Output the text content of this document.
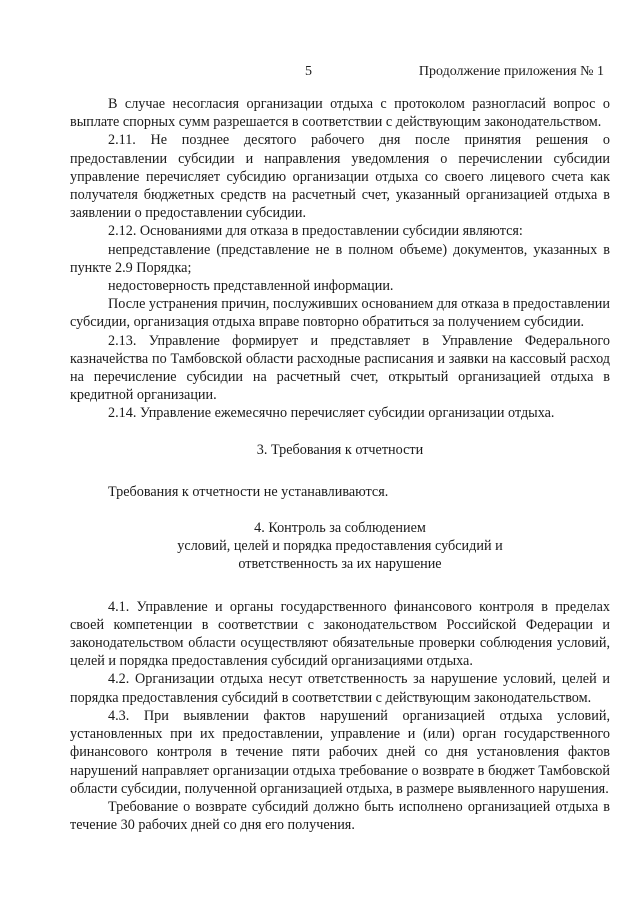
5	Продолжение приложения № 1

В случае несогласия организации отдыха с протоколом разногласий вопрос о выплате спорных сумм разрешается в соответствии с действующим законодательством.

2.11. Не позднее десятого рабочего дня после принятия решения о предоставлении субсидии и направления уведомления о перечислении субсидии управление перечисляет субсидию организации отдыха со своего лицевого счета как получателя бюджетных средств на расчетный счет, указанный организацией отдыха в заявлении о предоставлении субсидии.

2.12. Основаниями для отказа в предоставлении субсидии являются:

непредставление (представление не в полном объеме) документов, указанных в пункте 2.9 Порядка;

недостоверность представленной информации.

После устранения причин, послуживших основанием для отказа в предоставлении субсидии, организация отдыха вправе повторно обратиться за получением субсидии.

2.13. Управление формирует и представляет в Управление Федерального казначейства по Тамбовской области расходные расписания и заявки на кассовый расход на перечисление субсидии на расчетный счет, открытый организацией отдыха в кредитной организации.

2.14. Управление ежемесячно перечисляет субсидии организации отдыха.

3. Требования к отчетности

Требования к отчетности не устанавливаются.

4. Контроль за соблюдением

условий, целей и порядка предоставления субсидий и

ответственность за их нарушение

4.1. Управление и органы государственного финансового контроля в пределах своей компетенции в соответствии с законодательством Российской Федерации и законодательством области осуществляют обязательные проверки соблюдения условий, целей и порядка предоставления субсидий организациями отдыха.

4.2. Организации отдыха несут ответственность за нарушение условий, целей и порядка предоставления субсидий в соответствии с действующим законодательством.

4.3. При выявлении фактов нарушений организацией отдыха условий, установленных при их предоставлении, управление и (или) орган государственного финансового контроля в течение пяти рабочих дней со дня установления фактов нарушений направляет организации отдыха требование о возврате в бюджет Тамбовской области субсидии, полученной организацией отдыха, в размере выявленного нарушения.

Требование о возврате субсидий должно быть исполнено организацией отдыха в течение 30 рабочих дней со дня его получения.
